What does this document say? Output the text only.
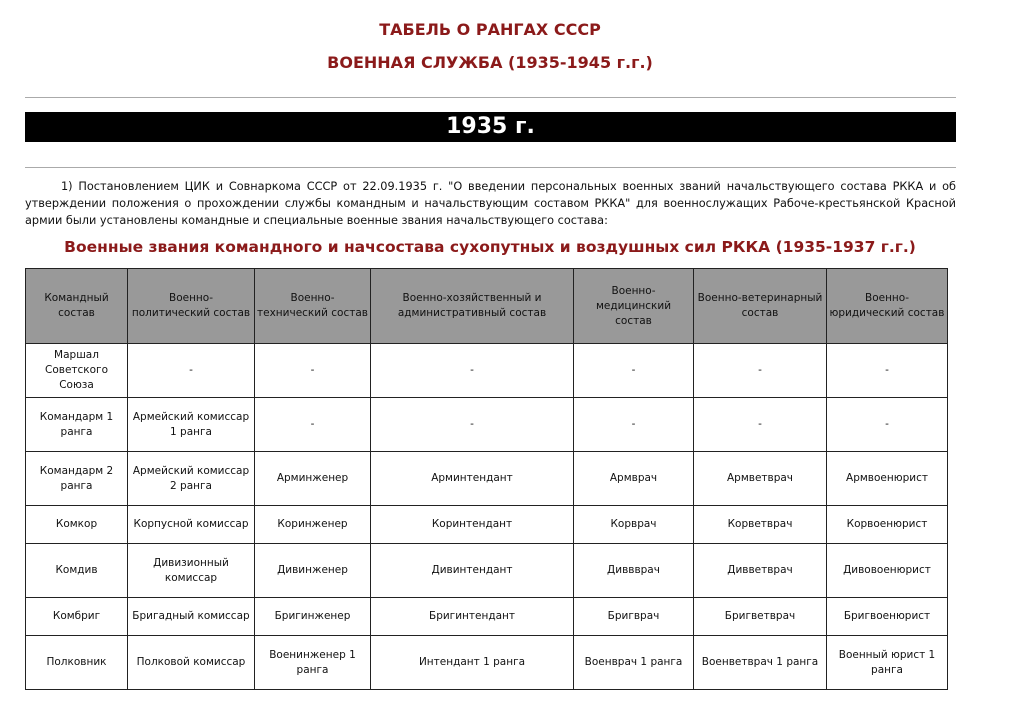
ТАБЕЛЬ О РАНГАХ СССР
ВОЕННАЯ СЛУЖБА (1935-1945 г.г.)
1935 г.
1) Постановлением ЦИК и Совнаркома СССР от 22.09.1935 г. "О введении персональных военных званий начальствующего состава РККА и об утверждении положения о прохождении службы командным и начальствующим составом РККА" для военнослужащих Рабоче-крестьянской Красной армии были установлены командные и специальные военные звания начальствующего состава:
Военные звания командного и начсостава сухопутных и воздушных сил РККА (1935-1937 г.г.)
Командный состав	Военно-политический состав	Военно-технический состав	Военно-хозяйственный и административный состав	Военно-медицинский состав	Военно-ветеринарный состав	Военно-юридический состав
Маршал Советского Союза	-	-	-	-	-	-
Командарм 1 ранга	Армейский комиссар 1 ранга	-	-	-	-	-
Командарм 2 ранга	Армейский комиссар 2 ранга	Арминженер	Арминтендант	Армврач	Армветврач	Армвоенюрист
Комкор	Корпусной комиссар	Коринженер	Коринтендант	Корврач	Корветврач	Корвоенюрист
Комдив	Дивизионный комиссар	Дивинженер	Дивинтендант	Диввврач	Дивветврач	Дивовоенюрист
Комбриг	Бригадный комиссар	Бригинженер	Бригинтендант	Бригврач	Бригветврач	Бригвоенюрист
Полковник	Полковой комиссар	Военинженер 1 ранга	Интендант 1 ранга	Военврач 1 ранга	Военветврач 1 ранга	Военный юрист 1 ранга
